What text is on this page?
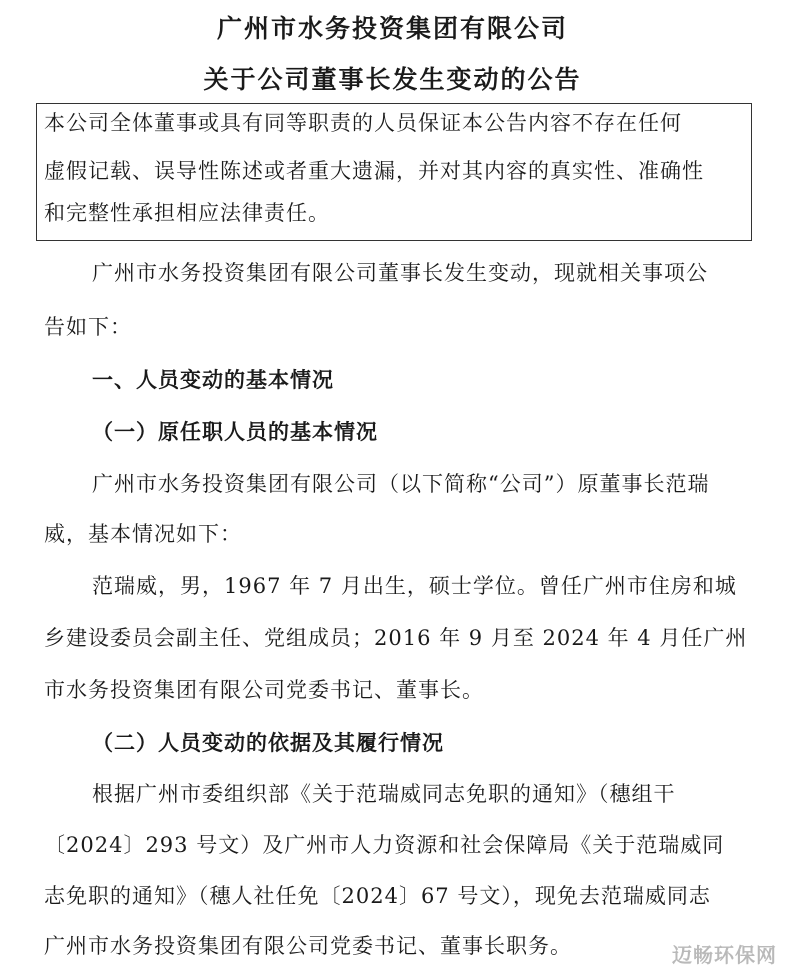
广州市水务投资集团有限公司
关于公司董事长发生变动的公告
本公司全体董事或具有同等职责的人员保证本公告内容不存在任何
虚假记载、误导性陈述或者重大遗漏，并对其内容的真实性、准确性
和完整性承担相应法律责任。
广州市水务投资集团有限公司董事长发生变动，现就相关事项公
告如下：
一、人员变动的基本情况
（一）原任职人员的基本情况
广州市水务投资集团有限公司（以下简称“公司”）原董事长范瑞
威，基本情况如下：
范瑞威，男，1967 年 7 月出生，硕士学位。曾任广州市住房和城
乡建设委员会副主任、党组成员；2016 年 9 月至 2024 年 4 月任广州
市水务投资集团有限公司党委书记、董事长。
（二）人员变动的依据及其履行情况
根据广州市委组织部《关于范瑞威同志免职的通知》（穗组干
〔2024〕293 号文）及广州市人力资源和社会保障局《关于范瑞威同
志免职的通知》（穗人社任免〔2024〕67 号文），现免去范瑞威同志
广州市水务投资集团有限公司党委书记、董事长职务。	迈畅环保网
